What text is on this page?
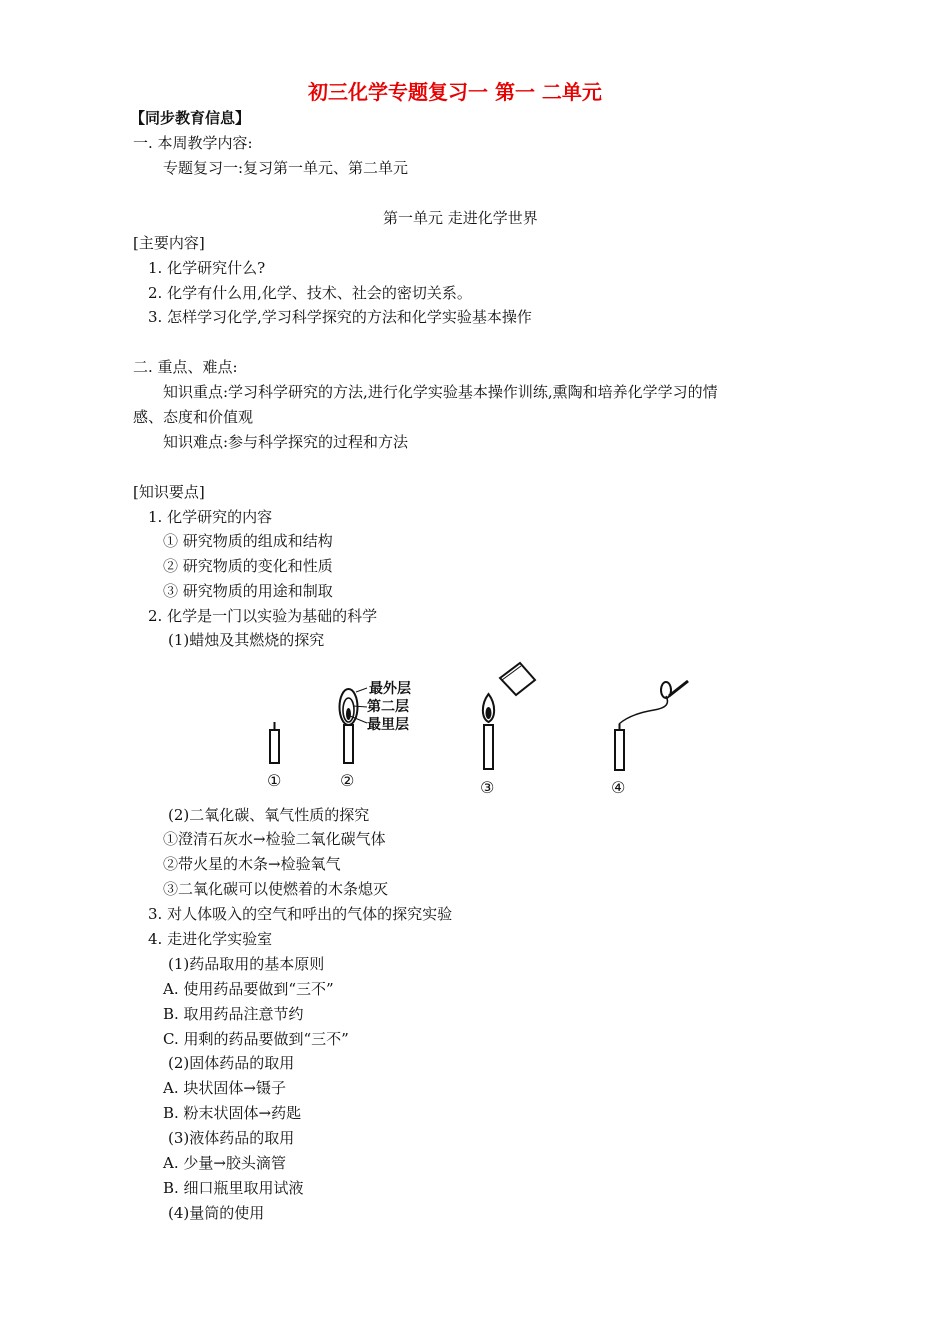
初三化学专题复习一 第一 二单元
【同步教育信息】
一. 本周教学内容:
专题复习一:复习第一单元、第二单元
第一单元 走进化学世界
[主要内容]
1. 化学研究什么?
2. 化学有什么用,化学、技术、社会的密切关系。
3. 怎样学习化学,学习科学探究的方法和化学实验基本操作
二. 重点、难点:
知识重点:学习科学研究的方法,进行化学实验基本操作训练,熏陶和培养化学学习的情
感、态度和价值观
知识难点:参与科学探究的过程和方法
[知识要点]
1. 化学研究的内容
① 研究物质的组成和结构
② 研究物质的变化和性质
③ 研究物质的用途和制取
2. 化学是一门以实验为基础的科学
(1)蜡烛及其燃烧的探究
最外层
第二层
最里层
①	②	③	④
(2)二氧化碳、氧气性质的探究
①澄清石灰水→检验二氧化碳气体
②带火星的木条→检验氧气
③二氧化碳可以使燃着的木条熄灭
3. 对人体吸入的空气和呼出的气体的探究实验
4. 走进化学实验室
(1)药品取用的基本原则
A. 使用药品要做到“三不”
B. 取用药品注意节约
C. 用剩的药品要做到“三不”
(2)固体药品的取用
A. 块状固体→镊子
B. 粉末状固体→药匙
(3)液体药品的取用
A. 少量→胶头滴管
B. 细口瓶里取用试液
(4)量筒的使用
